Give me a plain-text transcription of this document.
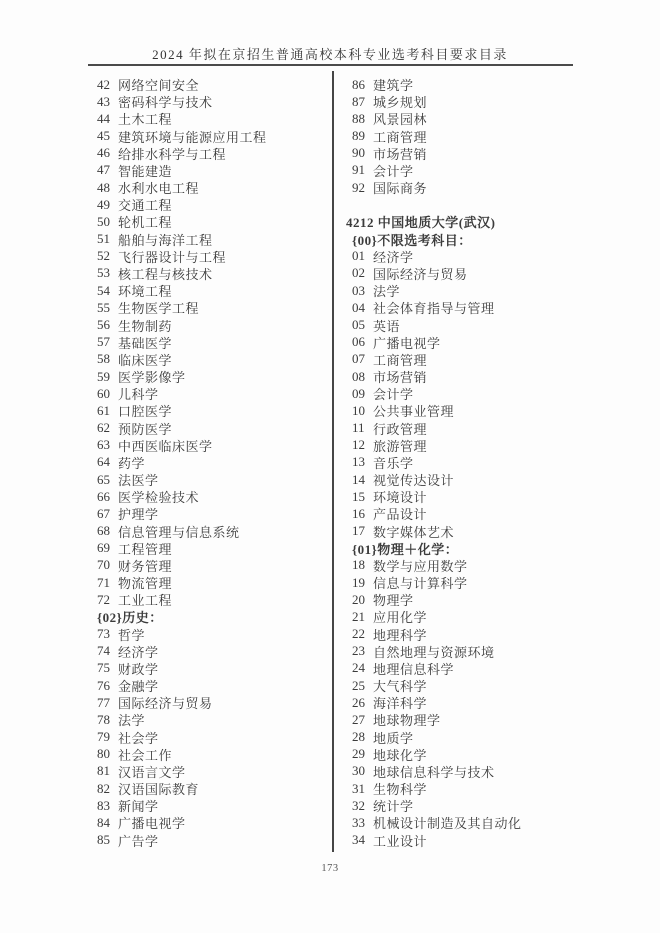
2024 年拟在京招生普通高校本科专业选考科目要求目录
42 网络空间安全
43 密码科学与技术
44 土木工程
45 建筑环境与能源应用工程
46 给排水科学与工程
47 智能建造
48 水利水电工程
49 交通工程
50 轮机工程
51 船舶与海洋工程
52 飞行器设计与工程
53 核工程与核技术
54 环境工程
55 生物医学工程
56 生物制药
57 基础医学
58 临床医学
59 医学影像学
60 儿科学
61 口腔医学
62 预防医学
63 中西医临床医学
64 药学
65 法医学
66 医学检验技术
67 护理学
68 信息管理与信息系统
69 工程管理
70 财务管理
71 物流管理
72 工业工程
{02}历史：
73 哲学
74 经济学
75 财政学
76 金融学
77 国际经济与贸易
78 法学
79 社会学
80 社会工作
81 汉语言文学
82 汉语国际教育
83 新闻学
84 广播电视学
85 广告学
86 建筑学
87 城乡规划
88 风景园林
89 工商管理
90 市场营销
91 会计学
92 国际商务
4212 中国地质大学(武汉)
{00}不限选考科目：
01 经济学
02 国际经济与贸易
03 法学
04 社会体育指导与管理
05 英语
06 广播电视学
07 工商管理
08 市场营销
09 会计学
10 公共事业管理
11 行政管理
12 旅游管理
13 音乐学
14 视觉传达设计
15 环境设计
16 产品设计
17 数字媒体艺术
{01}物理＋化学：
18 数学与应用数学
19 信息与计算科学
20 物理学
21 应用化学
22 地理科学
23 自然地理与资源环境
24 地理信息科学
25 大气科学
26 海洋科学
27 地球物理学
28 地质学
29 地球化学
30 地球信息科学与技术
31 生物科学
32 统计学
33 机械设计制造及其自动化
34 工业设计
173
